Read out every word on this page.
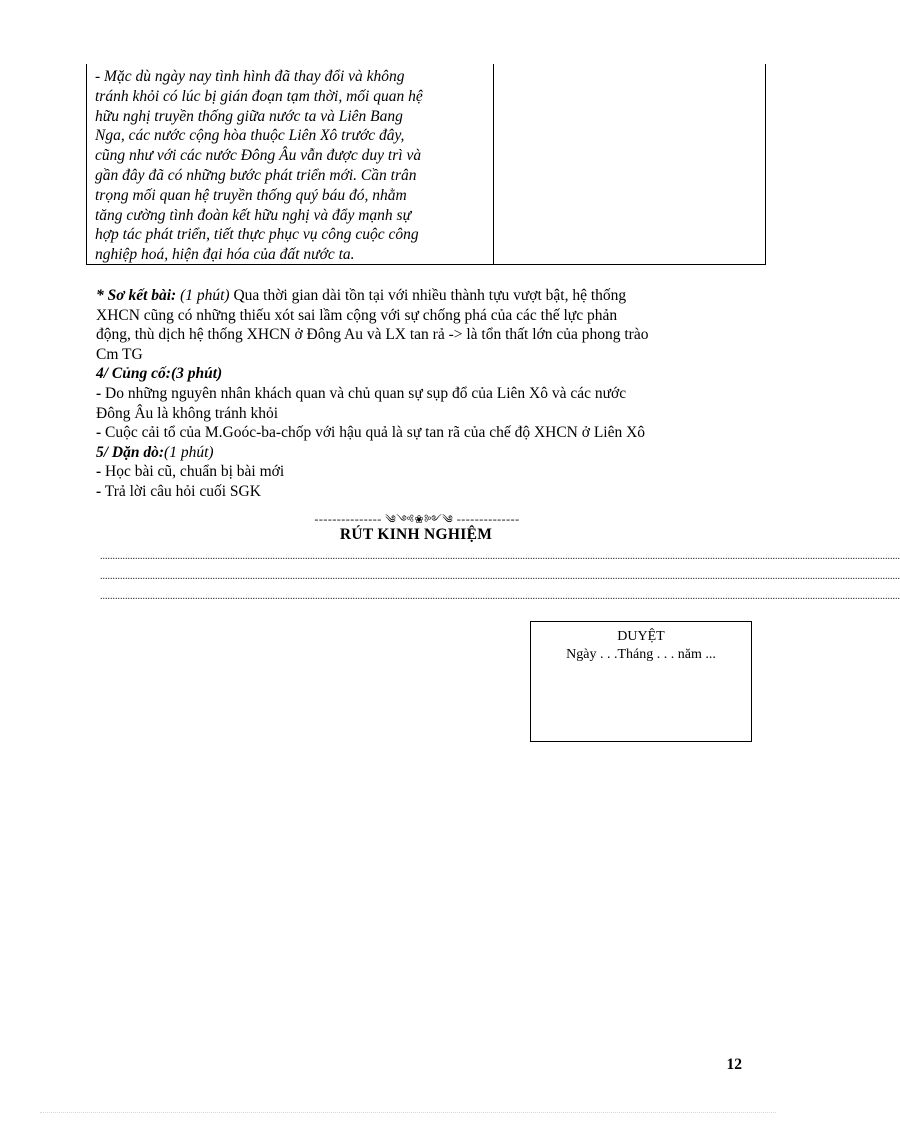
- Mặc dù ngày nay tình hình đã thay đổi và không
tránh khỏi có lúc bị gián đoạn tạm thời, mối quan hệ
hữu nghị truyền thống giữa nước ta và Liên Bang
Nga, các nước cộng hòa thuộc Liên Xô trước đây,
cũng như với các nước Đông Âu vẫn được duy trì và
gần đây đã có những bước phát triển mới. Cần trân
trọng mối quan hệ truyền thống quý báu đó, nhằm
tăng cường tình đoàn kết hữu nghị và đẩy mạnh sự
hợp tác phát triển, tiết thực phục vụ công cuộc công
nghiệp hoá, hiện đại hóa của đất nước ta.

* Sơ kết bài: (1 phút) Qua thời gian dài tồn tại với nhiều thành tựu vượt bật, hệ thống

XHCN cũng có những thiếu xót sai lầm cộng với sự chống phá của các thế lực phản

động, thù dịch hệ thống XHCN ở Đông Au và LX tan rả -> là tổn thất lớn của phong trào

Cm TG

4/ Củng cố:(3 phút)

- Do những nguyên nhân khách quan và chủ quan sự sụp đổ của Liên Xô và các nước

Đông Âu là không tránh khỏi

- Cuộc cải tổ của M.Goóc-ba-chốp với hậu quả là sự tan rã của chế độ XHCN ở Liên Xô

5/ Dặn dò:(1 phút)

- Học bài cũ, chuẩn bị bài mới

- Trả lời câu hỏi cuối SGK

--------------- ༄༺❀༻༄ --------------
RÚT KINH NGHIỆM
................................................................................................................................................................................................................................................................................................................................
................................................................................................................................................................................................................................................................................................................................
................................................................................................................................................................................................................................................................................................................................
DUYỆT
Ngày . . .Tháng . . . năm ...
12
